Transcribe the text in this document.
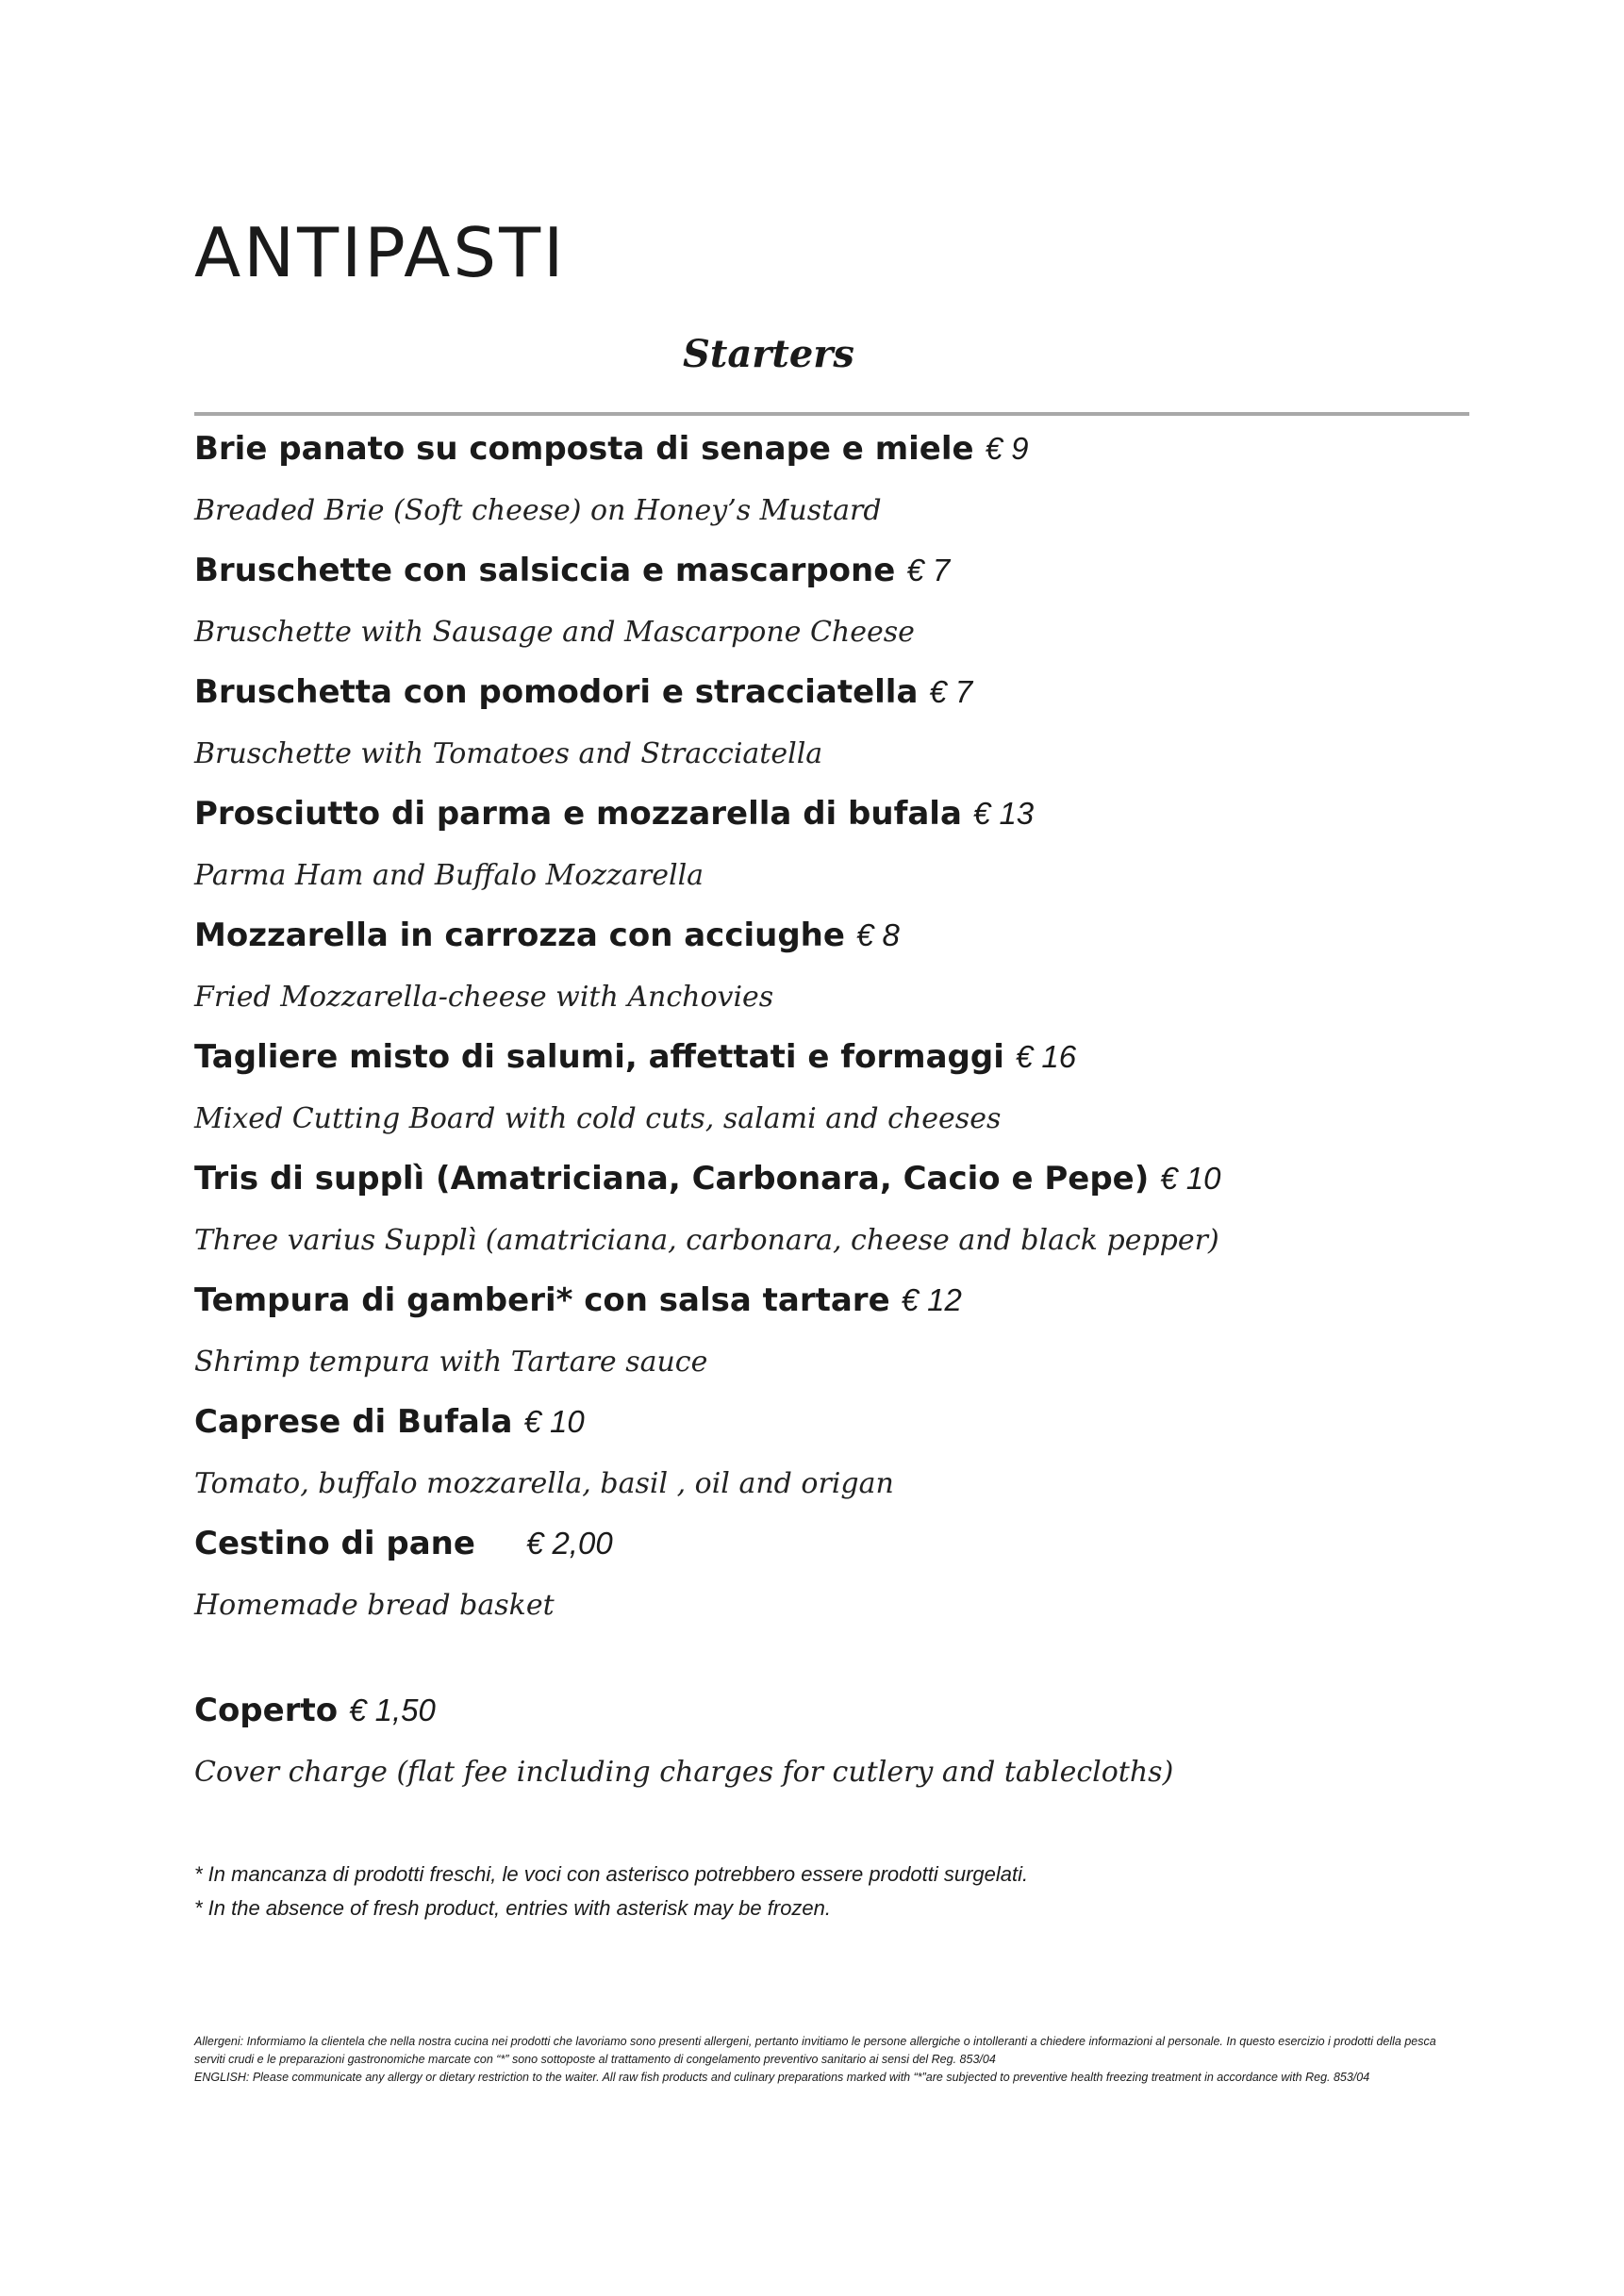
ANTIPASTI
Starters
Brie panato su composta di senape e miele € 9
Breaded Brie (Soft cheese) on Honey’s Mustard
Bruschette con salsiccia e mascarpone € 7
Bruschette with Sausage and Mascarpone Cheese
Bruschetta con pomodori e stracciatella € 7
Bruschette with Tomatoes and Stracciatella
Prosciutto di parma e mozzarella di bufala € 13
Parma Ham and Buffalo Mozzarella
Mozzarella in carrozza con acciughe € 8
Fried Mozzarella-cheese with Anchovies
Tagliere misto di salumi, affettati e formaggi € 16
Mixed Cutting Board with cold cuts, salami and cheeses
Tris di supplì (Amatriciana, Carbonara, Cacio e Pepe) € 10
Three varius Supplì (amatriciana, carbonara, cheese and black pepper)
Tempura di gamberi* con salsa tartare € 12
Shrimp tempura with Tartare sauce
Caprese di Bufala € 10
Tomato, buffalo mozzarella, basil , oil and origan
Cestino di pane € 2,00
Homemade bread basket
Coperto € 1,50
Cover charge (flat fee including charges for cutlery and tablecloths)
* In mancanza di prodotti freschi, le voci con asterisco potrebbero essere prodotti surgelati.
* In the absence of fresh product, entries with asterisk may be frozen.

Allergeni: Informiamo la clientela che nella nostra cucina nei prodotti che lavoriamo sono presenti allergeni, pertanto invitiamo le persone allergiche o intolleranti a chiedere informazioni al personale. In questo esercizio i prodotti della pesca serviti crudi e le preparazioni gastronomiche marcate con “*” sono sottoposte al trattamento di congelamento preventivo sanitario ai sensi del Reg. 853/04

ENGLISH: Please communicate any allergy or dietary restriction to the waiter. All raw fish products and culinary preparations marked with “*”are subjected to preventive health freezing treatment in accordance with Reg. 853/04
